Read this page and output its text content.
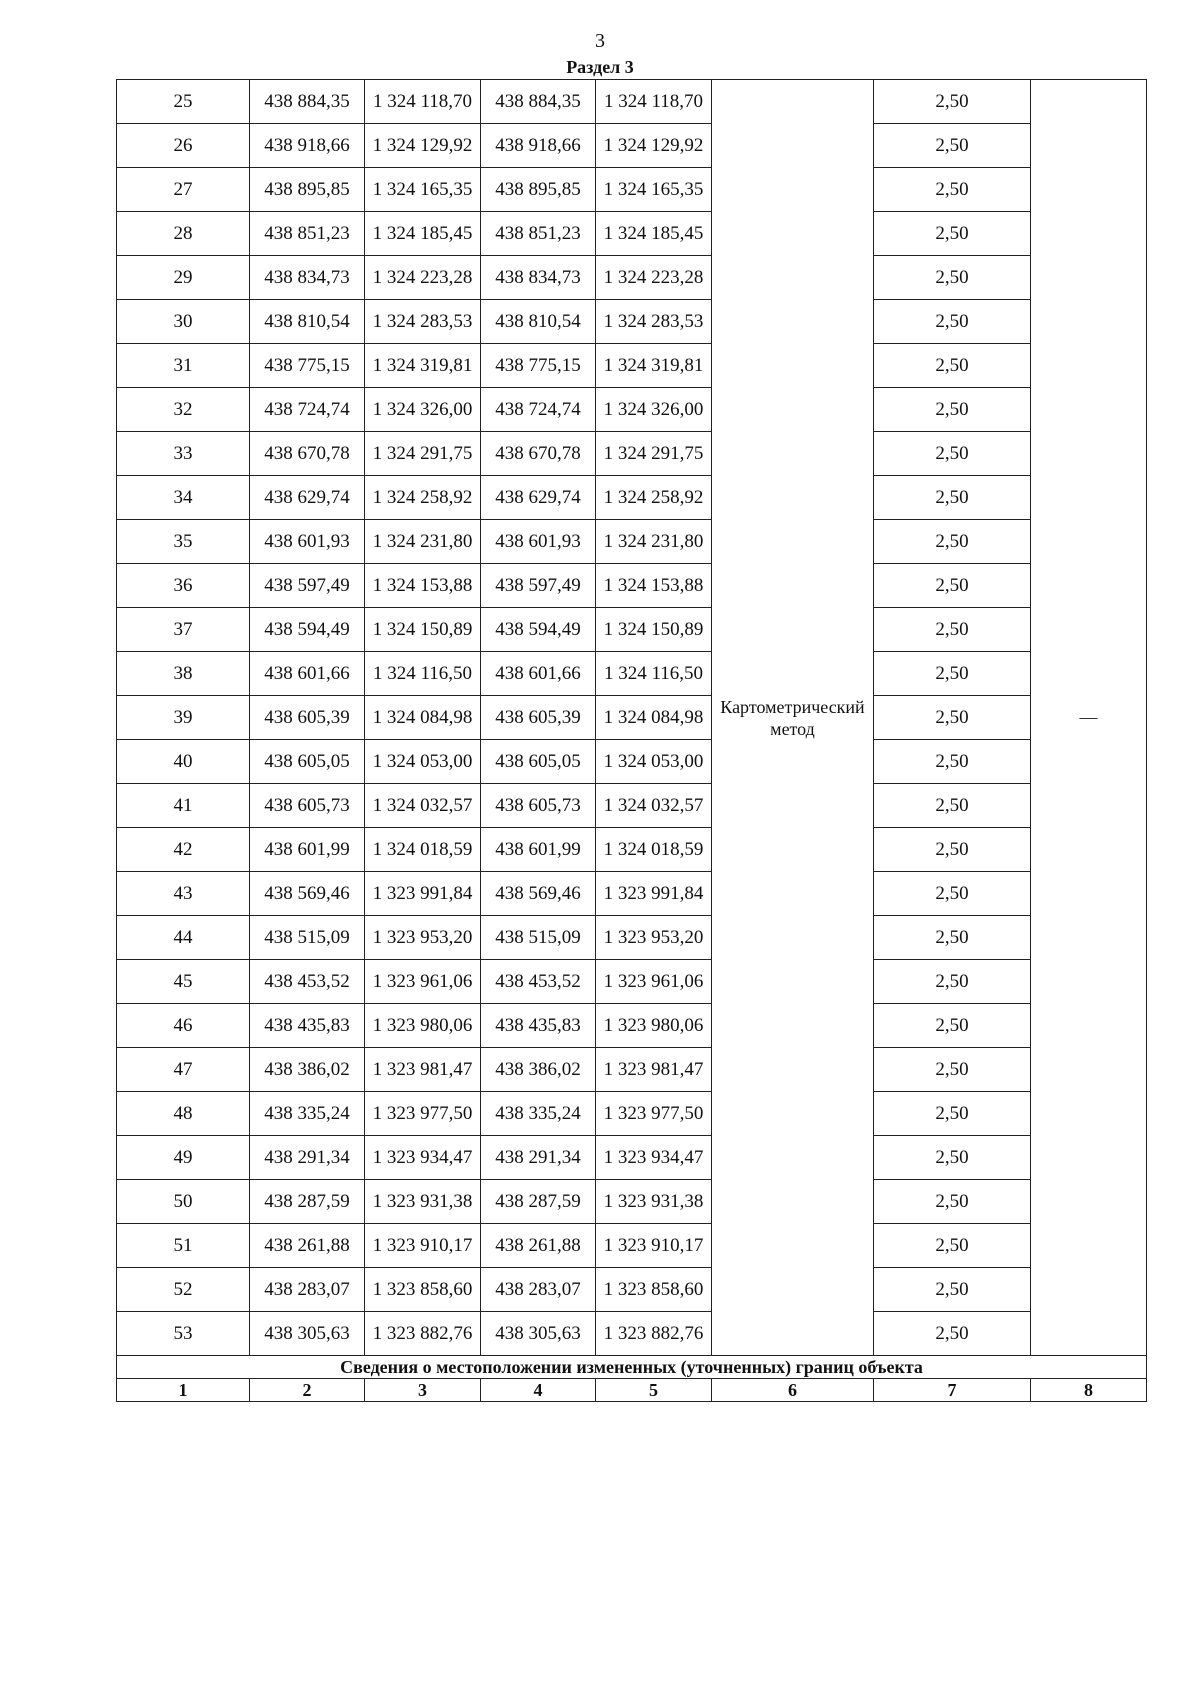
3
Раздел 3
25	438 884,35	1 324 118,70	438 884,35	1 324 118,70	Картометрический метод	2,50	—
26	438 918,66	1 324 129,92	438 918,66	1 324 129,92		2,50	
27	438 895,85	1 324 165,35	438 895,85	1 324 165,35		2,50	
28	438 851,23	1 324 185,45	438 851,23	1 324 185,45		2,50	
29	438 834,73	1 324 223,28	438 834,73	1 324 223,28		2,50	
30	438 810,54	1 324 283,53	438 810,54	1 324 283,53		2,50	
31	438 775,15	1 324 319,81	438 775,15	1 324 319,81		2,50	
32	438 724,74	1 324 326,00	438 724,74	1 324 326,00		2,50	
33	438 670,78	1 324 291,75	438 670,78	1 324 291,75		2,50	
34	438 629,74	1 324 258,92	438 629,74	1 324 258,92		2,50	
35	438 601,93	1 324 231,80	438 601,93	1 324 231,80		2,50	
36	438 597,49	1 324 153,88	438 597,49	1 324 153,88		2,50	
37	438 594,49	1 324 150,89	438 594,49	1 324 150,89		2,50	
38	438 601,66	1 324 116,50	438 601,66	1 324 116,50		2,50	
39	438 605,39	1 324 084,98	438 605,39	1 324 084,98		2,50	
40	438 605,05	1 324 053,00	438 605,05	1 324 053,00		2,50	
41	438 605,73	1 324 032,57	438 605,73	1 324 032,57		2,50	
42	438 601,99	1 324 018,59	438 601,99	1 324 018,59		2,50	
43	438 569,46	1 323 991,84	438 569,46	1 323 991,84		2,50	
44	438 515,09	1 323 953,20	438 515,09	1 323 953,20		2,50	
45	438 453,52	1 323 961,06	438 453,52	1 323 961,06		2,50	
46	438 435,83	1 323 980,06	438 435,83	1 323 980,06		2,50	
47	438 386,02	1 323 981,47	438 386,02	1 323 981,47		2,50	
48	438 335,24	1 323 977,50	438 335,24	1 323 977,50		2,50	
49	438 291,34	1 323 934,47	438 291,34	1 323 934,47		2,50	
50	438 287,59	1 323 931,38	438 287,59	1 323 931,38		2,50	
51	438 261,88	1 323 910,17	438 261,88	1 323 910,17		2,50	
52	438 283,07	1 323 858,60	438 283,07	1 323 858,60		2,50	
53	438 305,63	1 323 882,76	438 305,63	1 323 882,76		2,50	
Сведения о местоположении измененных (уточненных) границ объекта							
1	2	3	4	5	6	7	8
